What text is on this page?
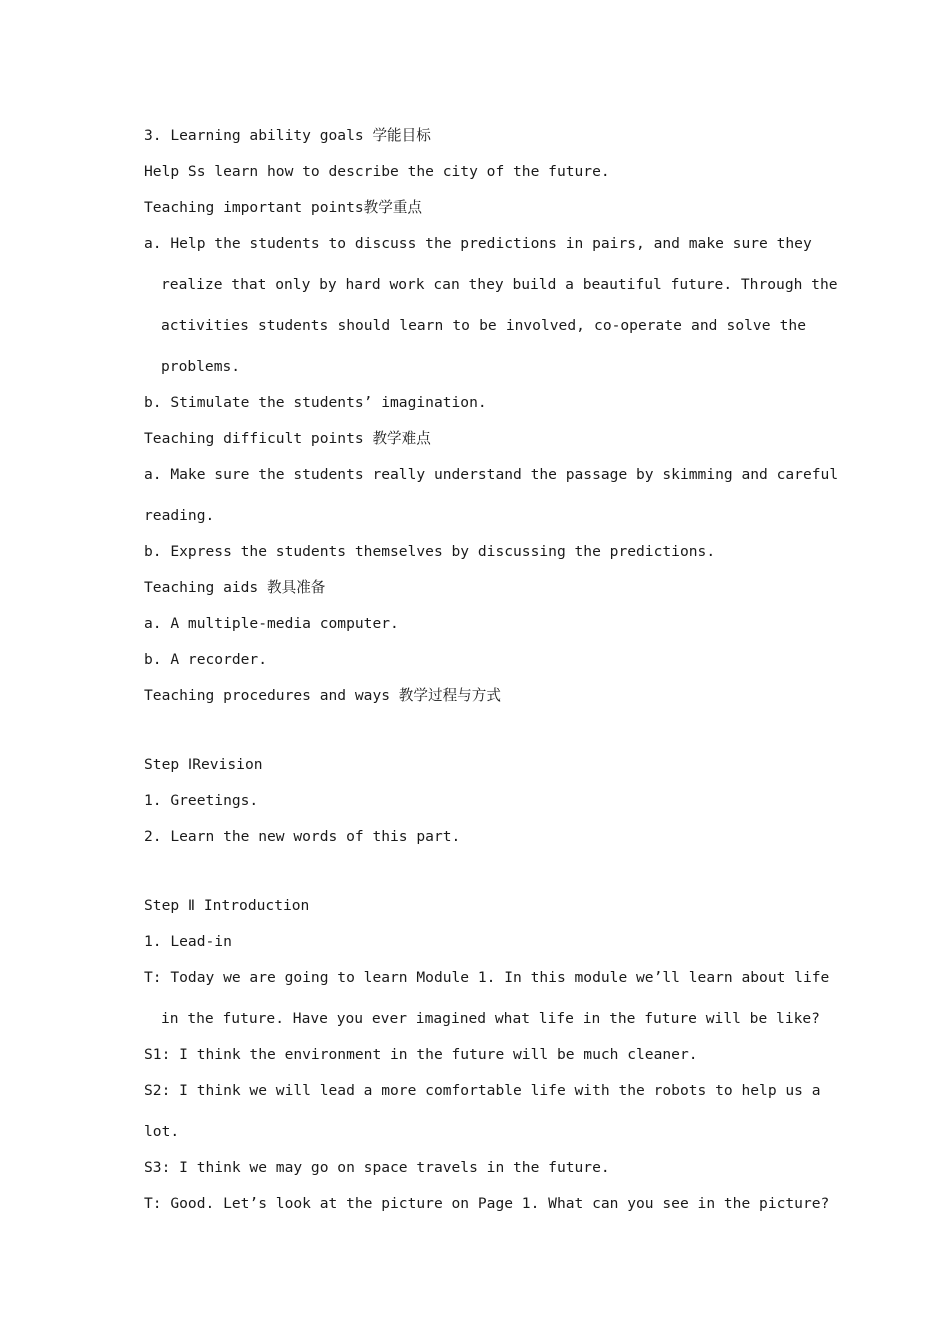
3. Learning ability goals 学能目标
Help Ss learn how to describe the city of the future.
Teaching important points教学重点
a. Help the students to discuss the predictions in pairs, and make sure they
realize that only by hard work can they build a beautiful future. Through the
activities students should learn to be involved, co-operate and solve the
problems.
b. Stimulate the students’ imagination.
Teaching difficult points 教学难点
a. Make sure the students really understand the passage by skimming and careful
reading.
b. Express the students themselves by discussing the predictions.
Teaching aids 教具准备
a. A multiple-media computer.
b. A recorder.
Teaching procedures and ways 教学过程与方式
Step ⅠRevision
1. Greetings.
2. Learn the new words of this part.
Step Ⅱ Introduction
1. Lead-in
T: Today we are going to learn Module 1. In this module we’ll learn about life
in the future. Have you ever imagined what life in the future will be like?
S1: I think the environment in the future will be much cleaner.
S2: I think we will lead a more comfortable life with the robots to help us a
lot.
S3: I think we may go on space travels in the future.
T: Good. Let’s look at the picture on Page 1. What can you see in the picture?
